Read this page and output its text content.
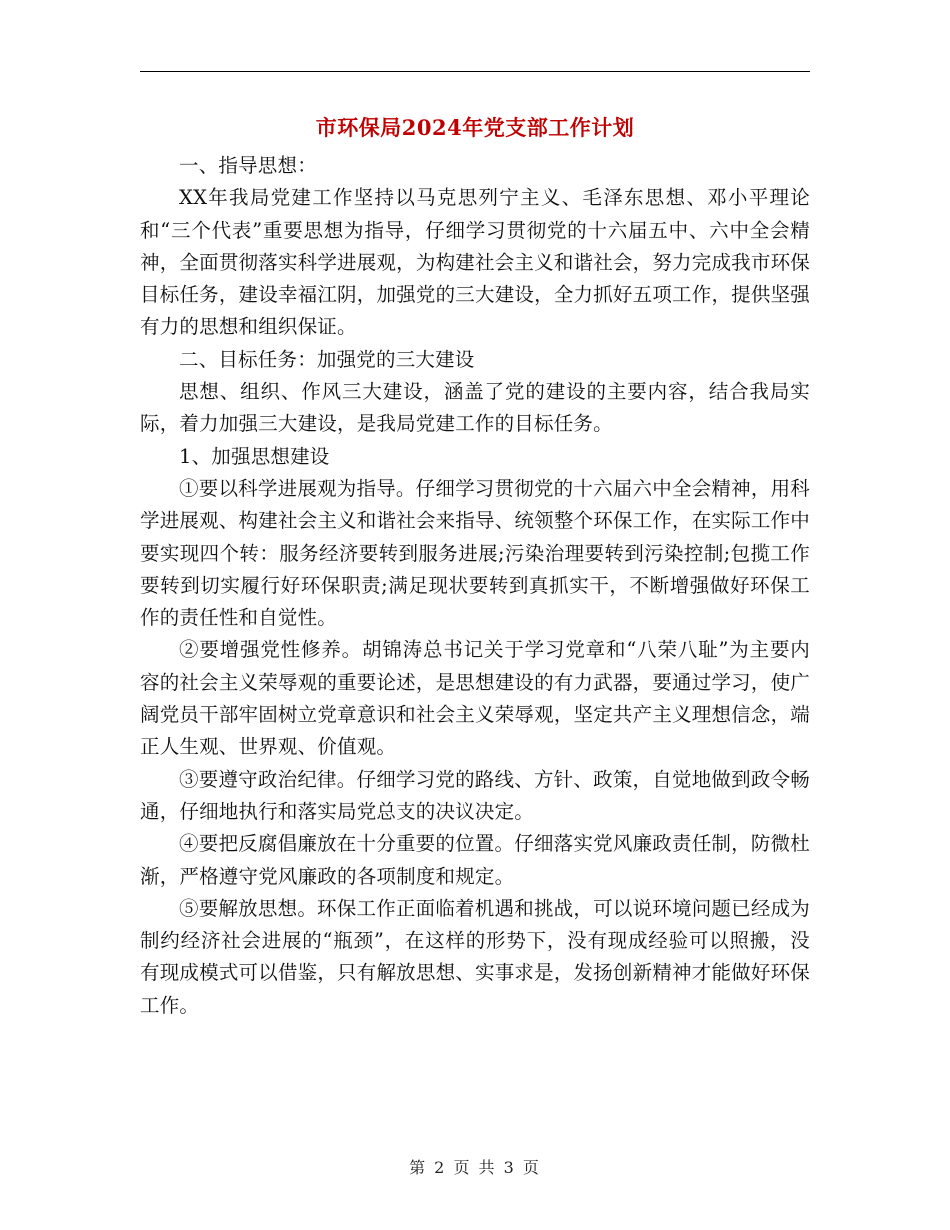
市环保局2024年党支部工作计划

一、指导思想：

XX年我局党建工作坚持以马克思列宁主义、毛泽东思想、邓小平理论和“三个代表”重要思想为指导，仔细学习贯彻党的十六届五中、六中全会精神，全面贯彻落实科学进展观，为构建社会主义和谐社会，努力完成我市环保目标任务，建设幸福江阴，加强党的三大建设，全力抓好五项工作，提供坚强有力的思想和组织保证。

二、目标任务：加强党的三大建设

思想、组织、作风三大建设，涵盖了党的建设的主要内容，结合我局实际，着力加强三大建设，是我局党建工作的目标任务。

1、加强思想建设

①要以科学进展观为指导。仔细学习贯彻党的十六届六中全会精神，用科学进展观、构建社会主义和谐社会来指导、统领整个环保工作，在实际工作中要实现四个转：服务经济要转到服务进展;污染治理要转到污染控制;包揽工作要转到切实履行好环保职责;满足现状要转到真抓实干，不断增强做好环保工作的责任性和自觉性。

②要增强党性修养。胡锦涛总书记关于学习党章和“八荣八耻”为主要内容的社会主义荣辱观的重要论述，是思想建设的有力武器，要通过学习，使广阔党员干部牢固树立党章意识和社会主义荣辱观，坚定共产主义理想信念，端正人生观、世界观、价值观。

③要遵守政治纪律。仔细学习党的路线、方针、政策，自觉地做到政令畅通，仔细地执行和落实局党总支的决议决定。

④要把反腐倡廉放在十分重要的位置。仔细落实党风廉政责任制，防微杜渐，严格遵守党风廉政的各项制度和规定。

⑤要解放思想。环保工作正面临着机遇和挑战，可以说环境问题已经成为制约经济社会进展的“瓶颈”，在这样的形势下，没有现成经验可以照搬，没有现成模式可以借鉴，只有解放思想、实事求是，发扬创新精神才能做好环保工作。

第 2 页 共 3 页
